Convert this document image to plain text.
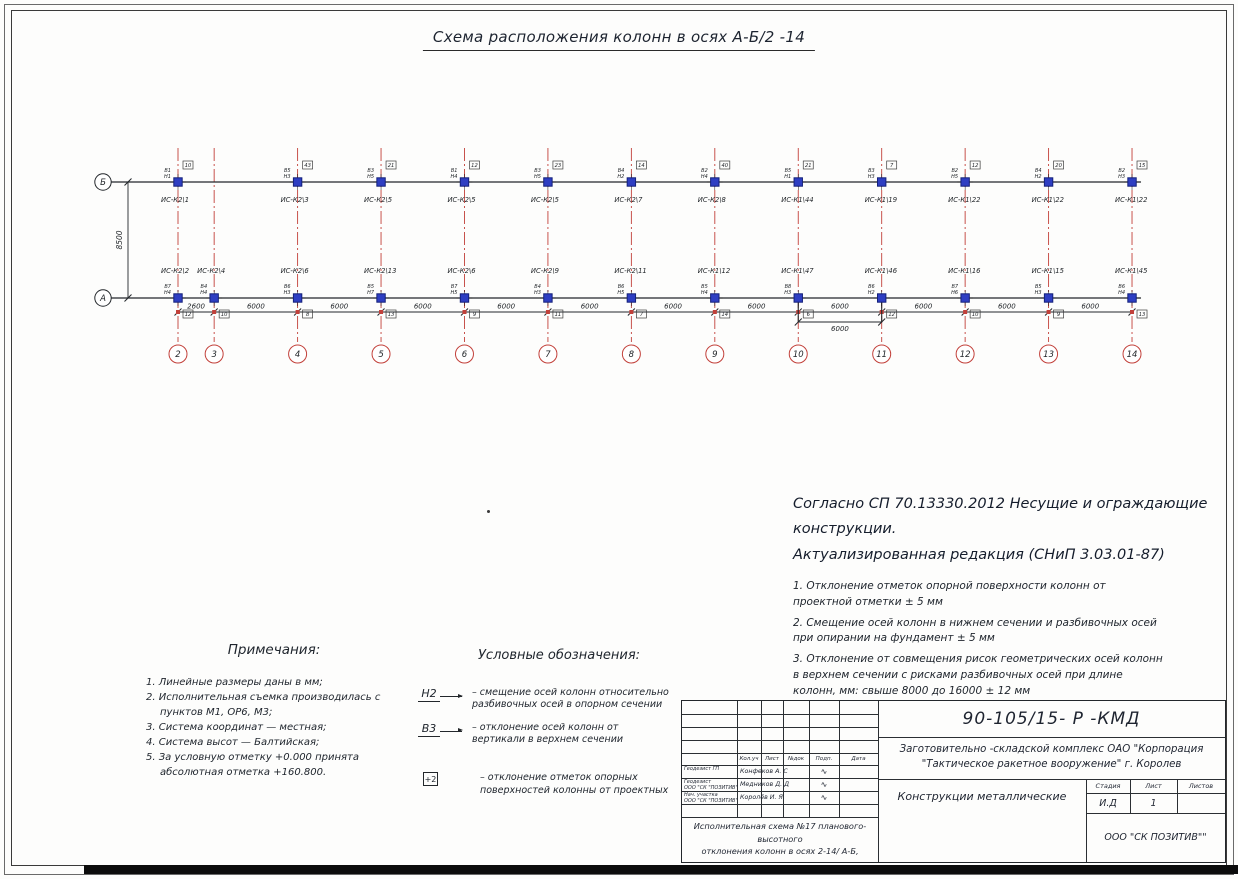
Схема расположения колонн в осях А-Б/2 -14
2	3	4	5	6	7	8	9	10	11	12	13	14
Б
А
8500
2600	6000	6000	6000	6000	6000	6000	6000	6000	6000	6000	6000
6000
В1
Н1
10
ИС-К2\1
В5
Н3
43
ИС-К2\3
В3
Н5
21
ИС-К2\5
В1
Н4
12
ИС-К2\5
В3
Н5
23
ИС-К2\5
В4
Н2
14
ИС-К2\7
В2
Н4
40
ИС-К2\8
В5
Н1
21
ИС-К1\44
В3
Н3
7
ИС-К1\19
В2
Н5
12
ИС-К1\22
В4
Н2
20
ИС-К1\22
В2
Н3
15
ИС-К1\22
В7
Н4
12
ИС-К2\2
В4
Н4
10
ИС-К2\4
В6
Н3
8
ИС-К2\6
В5
Н7
13
ИС-К2\13
В7
Н5
9
ИС-К2\6
В4
Н3
11
ИС-К2\9
В6
Н5
7
ИС-К2\11
В5
Н4
14
ИС-К1\12
В8
Н3
6
ИС-К1\47
В6
Н2
12
ИС-К1\46
В7
Н6
10
ИС-К1\16
В5
Н3
9
ИС-К1\15
В6
Н4
13
ИС-К1\45
Согласно СП 70.13330.2012 Несущие и ограждающие конструкции.
Актуализированная редакция (СНиП 3.03.01-87)
1. Отклонение отметок опорной поверхности колонн от проектной отметки ± 5 мм
2. Смещение осей колонн в нижнем сечении и разбивочных осей при опирании на фундамент ± 5 мм
3. Отклонение от совмещения рисок геометрических осей колонн в верхнем сечении с рисками разбивочных осей при длине колонн, мм: свыше 8000 до 16000 ± 12 мм
Примечания:
1. Линейные размеры даны в мм;
2. Исполнительная съемка производилась с пунктов М1, ОР6, М3;
3. Система координат — местная;
4. Система высот — Балтийская;
5. За условную отметку +0.000 принята абсолютная отметка +160.800.
Условные обозначения:
Н2	– смещение осей колонн относительно разбивочных осей в опорном сечении
В3	– отклонение осей колонн от вертикали в верхнем сечении
+2	– отклонение отметок опорных поверхностей колонны от проектных
Кол.уч	Лист	№док	Подп.	Дата
Геодезист ГП	Конфеков А. С	∿
Геодезист
ООО "СК "ПОЗИТИВ" Медников Д. Д	∿
Нач. участка
ООО "СК "ПОЗИТИВ" Королёв И. Я.	∿
Исполнительная схема №17 планового-высотного
отклонения колонн в осях 2-14/ А-Б,
90-105/15- Р -КМД
Заготовительно -складской комплекс ОАО "Корпорация
"Тактическое ракетное вооружение" г. Королев
Конструкции металлические
Стадия	Лист	Листов
И.Д	1
ООО "СК ПОЗИТИВ""
